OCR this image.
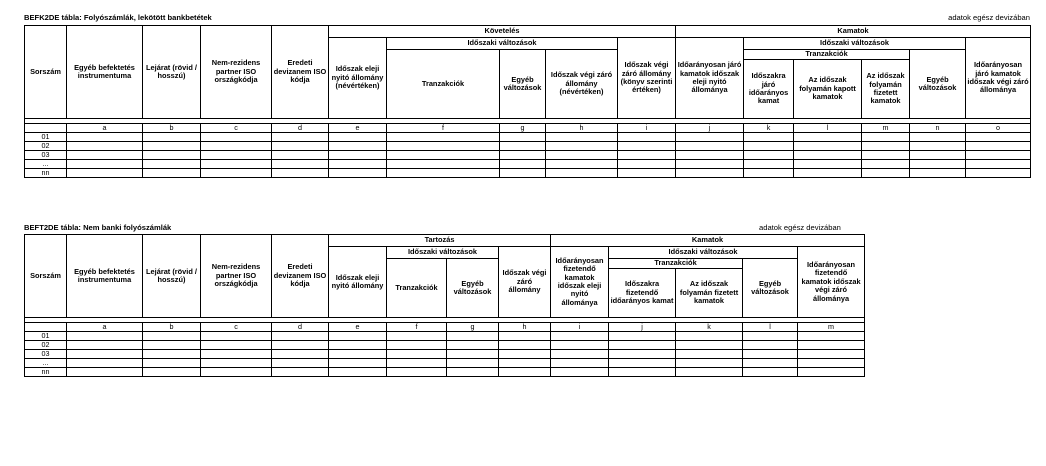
BEFK2DE tábla: Folyószámlák, lekötött bankbetétek	adatok egész devizában
Sorszám	Egyéb befektetés instrumentuma	Lejárat (rövid / hosszú)	Nem-rezidens partner ISO országkódja	Eredeti devizanem ISO kódja	Követelés					Kamatok					
					Időszak eleji nyitó állomány (névértéken)	Időszaki változások			Időszak végi záró állomány (könyv szerinti értéken)	Időarányosan járó kamatok időszak eleji nyitó állománya	Időszaki változások				Időarányosan járó kamatok időszak végi záró állománya
						Tranzakciók	Egyéb változások	Időszak végi záró állomány (névértéken)			Tranzakciók			Egyéb változások	
											Időszakra járó időarányos kamat	Az időszak folyamán kapott kamatok	Az időszak folyamán fizetett kamatok		

	a	b	c	d	e	f	g	h	i	j	k	l	m	n	o
01															
02															
03															
...															
nn															
BEFT2DE tábla: Nem banki folyószámlák	adatok egész devizában
Sorszám	Egyéb befektetés instrumentuma	Lejárat (rövid / hosszú)	Nem-rezidens partner ISO országkódja	Eredeti devizanem ISO kódja	Tartozás				Kamatok				
					Időszak eleji nyitó állomány	Időszaki változások		Időszak végi záró állomány	Időarányosan fizetendő kamatok időszak eleji nyitó állománya	Időszaki változások			Időarányosan fizetendő kamatok időszak végi záró állománya
						Tranzakciók	Egyéb változások			Tranzakciók		Egyéb változások	
										Időszakra fizetendő időarányos kamat	Az időszak folyamán fizetett kamatok		

	a	b	c	d	e	f	g	h	i	j	k	l	m
01													
02													
03													
...													
nn													
